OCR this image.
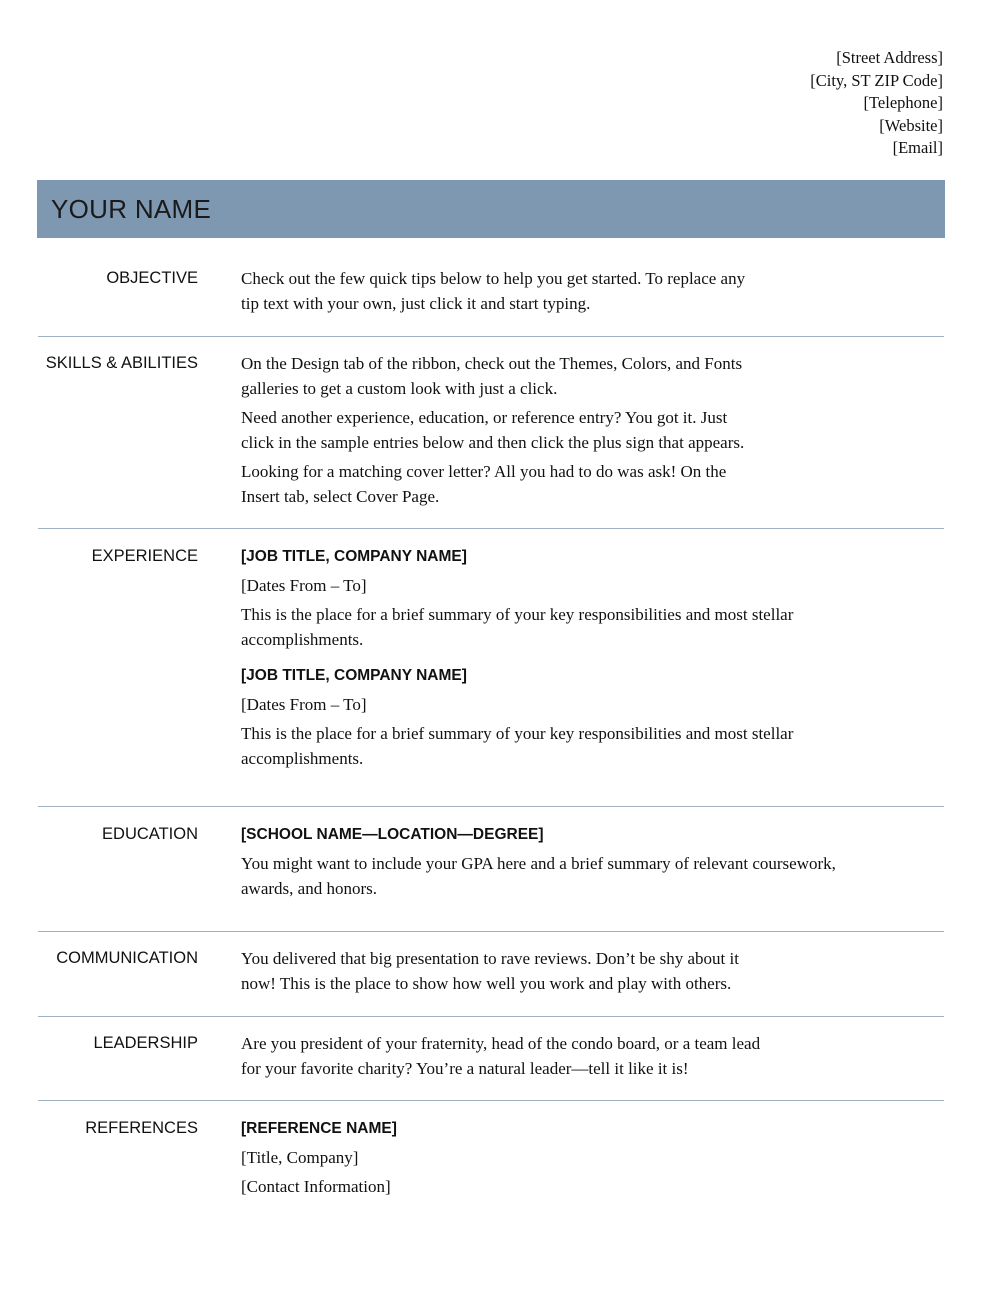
[Street Address]
[City, ST ZIP Code]
[Telephone]
[Website]
[Email]
YOUR NAME
OBJECTIVE	Check out the few quick tips below to help you get started. To replace any
tip text with your own, just click it and start typing.
SKILLS & ABILITIES	On the Design tab of the ribbon, check out the Themes, Colors, and Fonts
galleries to get a custom look with just a click.
Need another experience, education, or reference entry? You got it. Just
click in the sample entries below and then click the plus sign that appears.
Looking for a matching cover letter? All you had to do was ask! On the
Insert tab, select Cover Page.
EXPERIENCE	[JOB TITLE, COMPANY NAME]
[Dates From – To]
This is the place for a brief summary of your key responsibilities and most stellar
accomplishments.
[JOB TITLE, COMPANY NAME]
[Dates From – To]
This is the place for a brief summary of your key responsibilities and most stellar
accomplishments.
EDUCATION	[SCHOOL NAME—LOCATION—DEGREE]
You might want to include your GPA here and a brief summary of relevant coursework,
awards, and honors.
COMMUNICATION	You delivered that big presentation to rave reviews. Don’t be shy about it
now! This is the place to show how well you work and play with others.
LEADERSHIP	Are you president of your fraternity, head of the condo board, or a team lead
for your favorite charity? You’re a natural leader—tell it like it is!
REFERENCES	[REFERENCE NAME]
[Title, Company]
[Contact Information]
